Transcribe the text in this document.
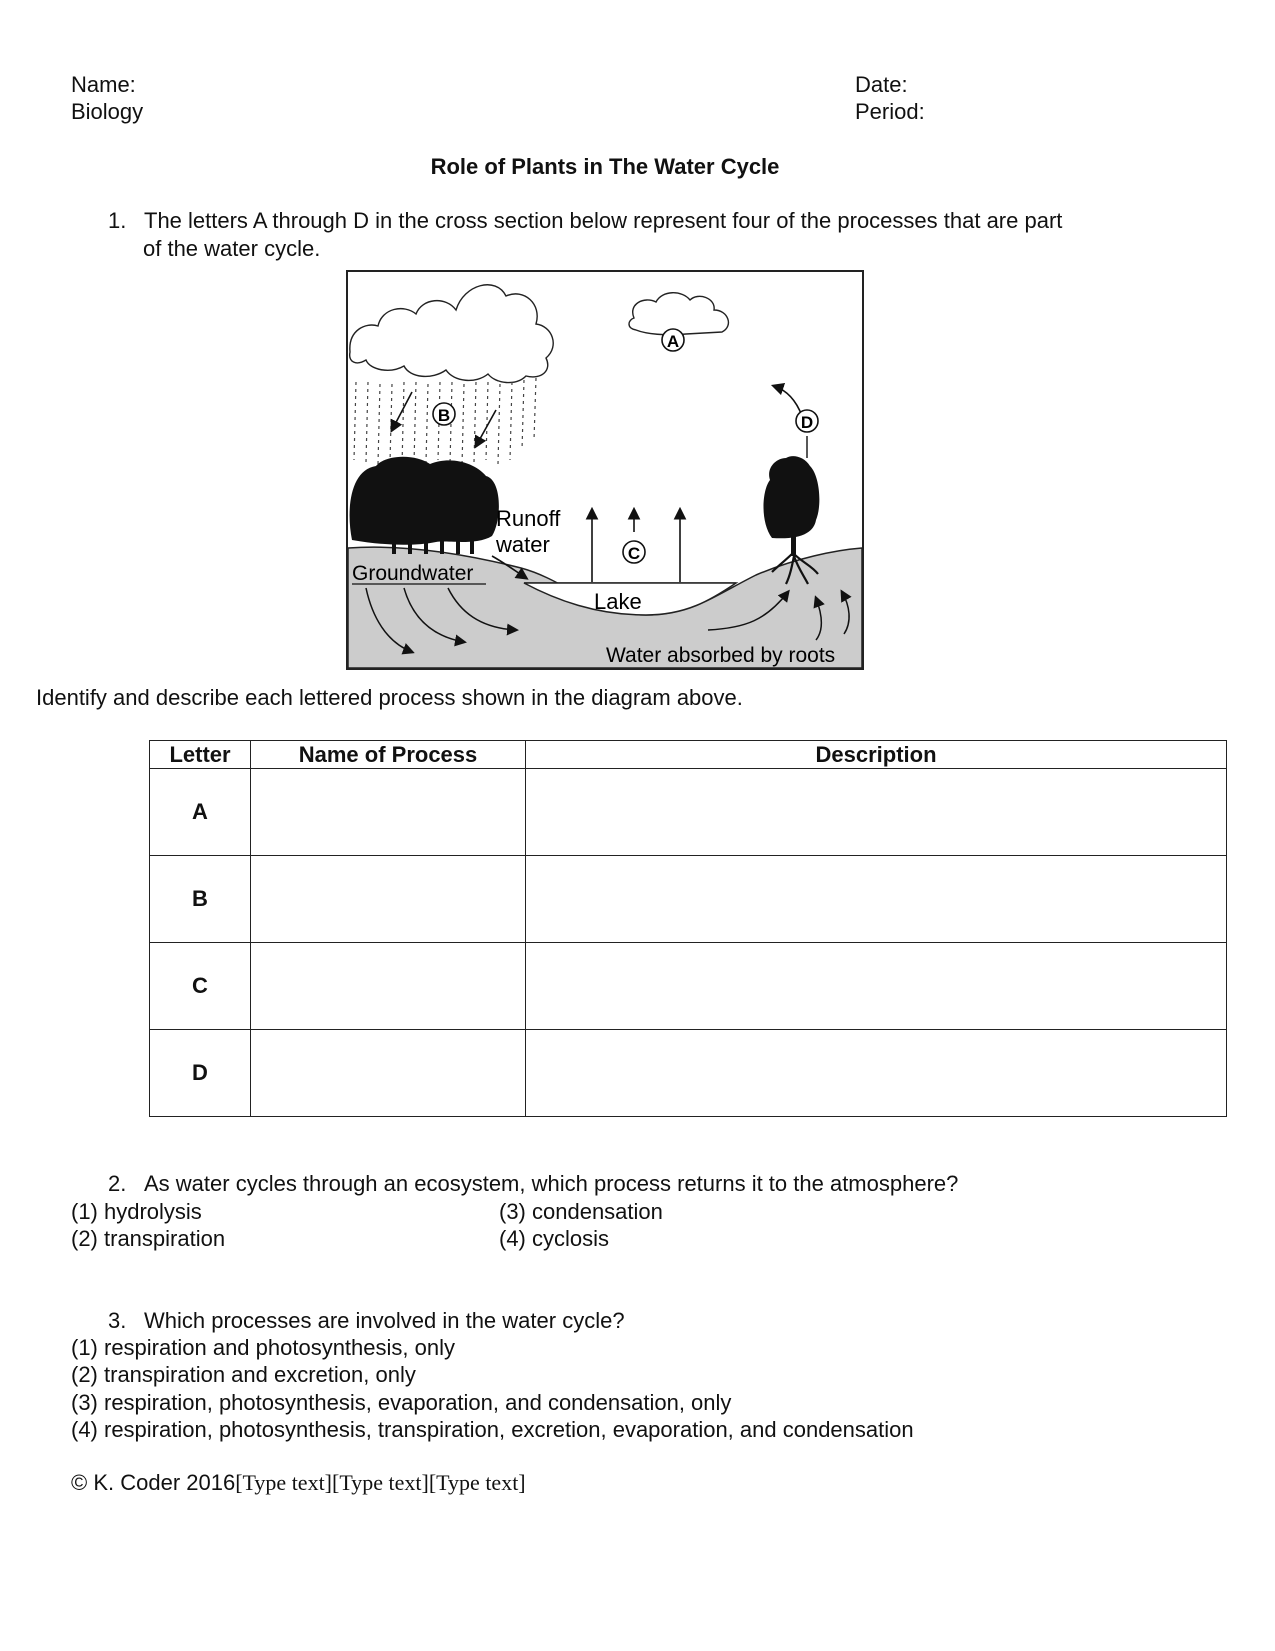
Name:
Biology
Date:
Period:
Role of Plants in The Water Cycle
1. The letters A through D in the cross section below represent four of the processes that are part
of the water cycle.
A
B
C
D
Runoff
water
Groundwater
Lake
Water absorbed by roots
Identify and describe each lettered process shown in the diagram above.
Letter	Name of Process	Description
A		
B		
C		
D		
2. As water cycles through an ecosystem, which process returns it to the atmosphere?
(1) hydrolysis
(2) transpiration
(3) condensation
(4) cyclosis
3. Which processes are involved in the water cycle?
(1) respiration and photosynthesis, only
(2) transpiration and excretion, only
(3) respiration, photosynthesis, evaporation, and condensation, only
(4) respiration, photosynthesis, transpiration, excretion, evaporation, and condensation
© K. Coder 2016[Type text][Type text][Type text]
